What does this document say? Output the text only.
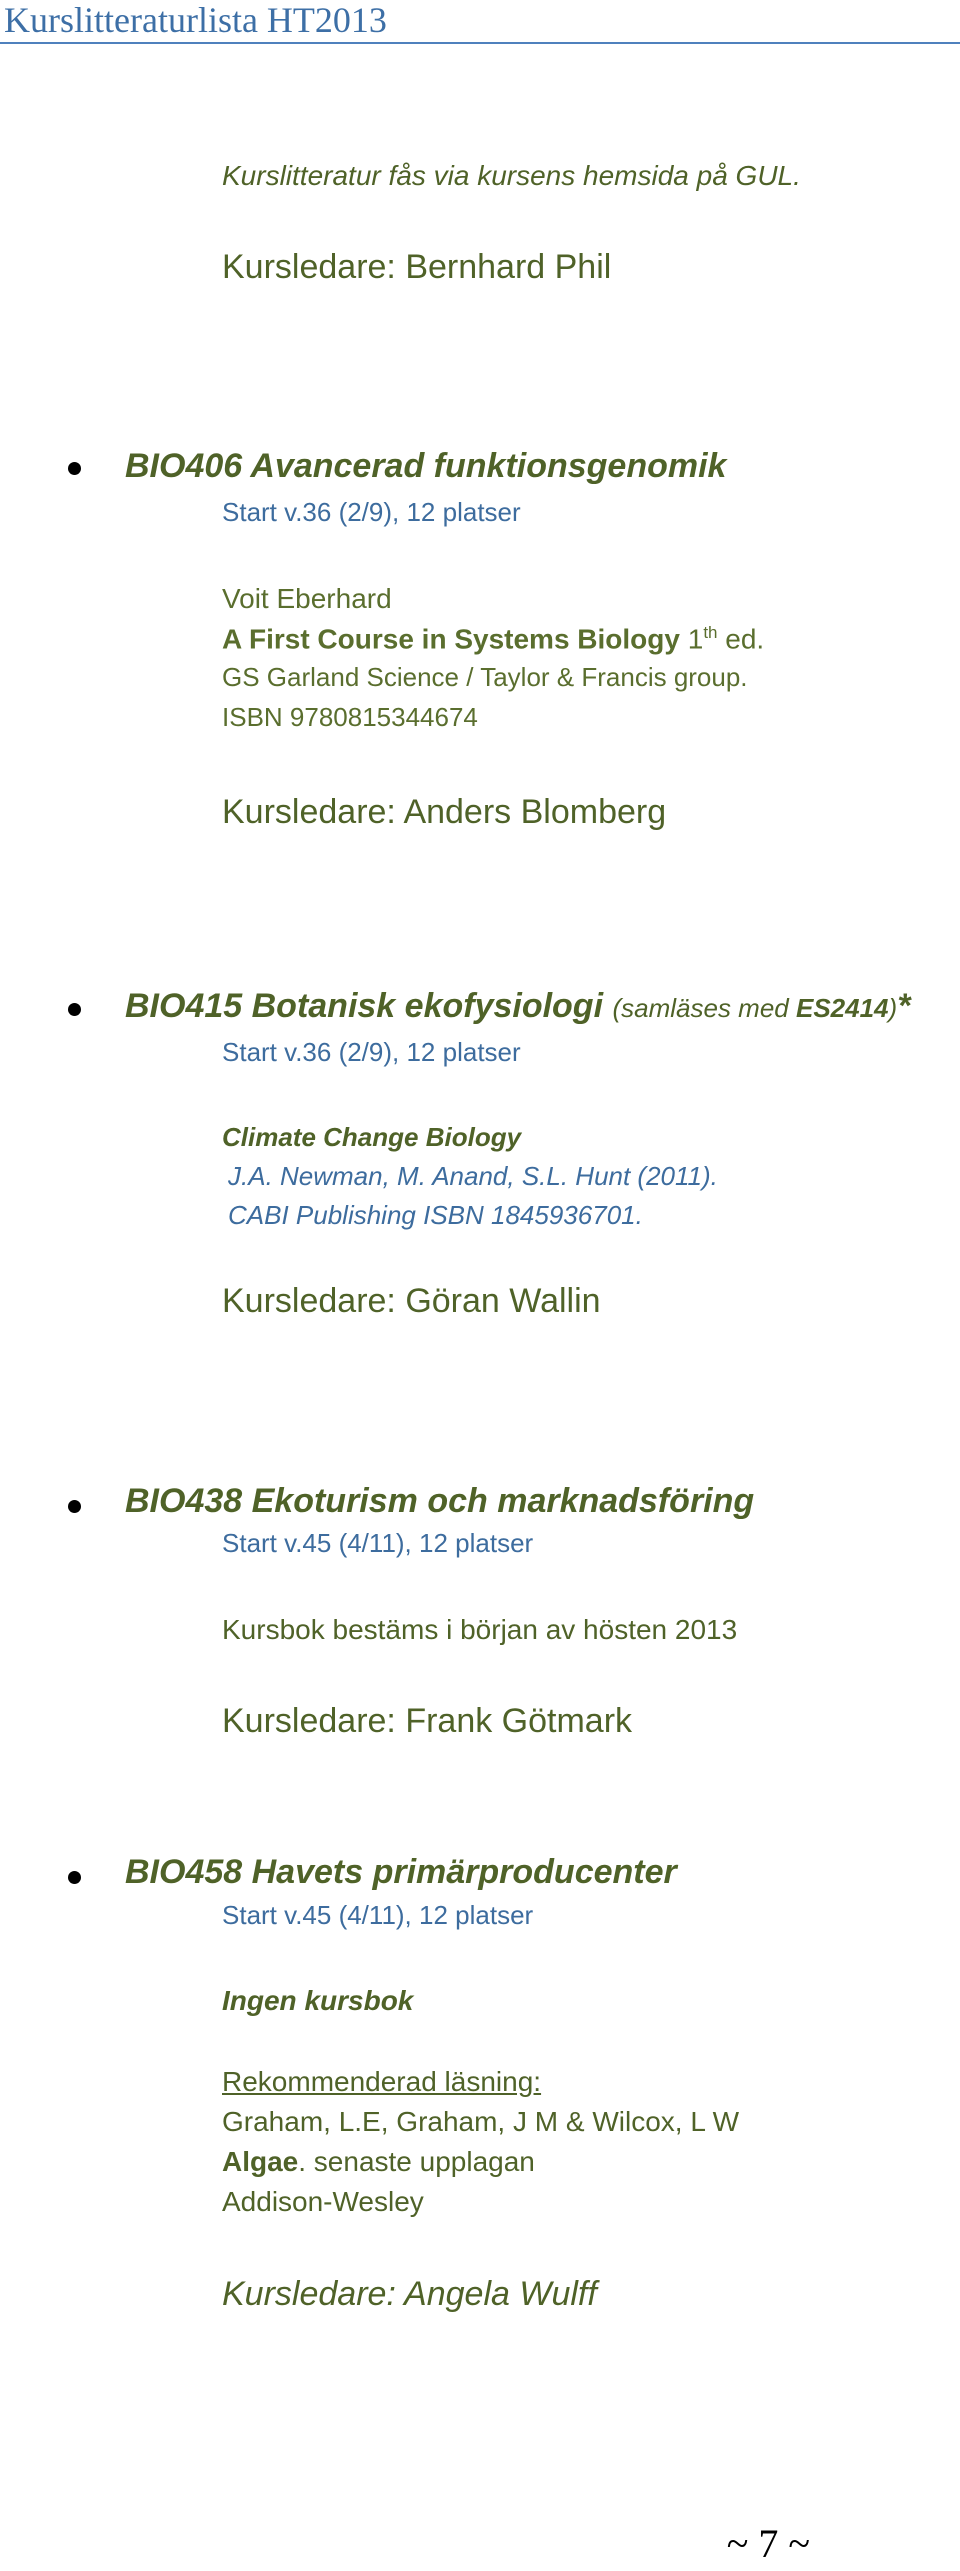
Kurslitteraturlista HT2013
Kurslitteratur fås via kursens hemsida på GUL.
Kursledare: Bernhard Phil
BIO406 Avancerad funktionsgenomik
Start v.36 (2/9), 12 platser
Voit Eberhard
A First Course in Systems Biology 1th ed.
GS Garland Science / Taylor & Francis group.
ISBN 9780815344674
Kursledare: Anders Blomberg
BIO415 Botanisk ekofysiologi (samläses med ES2414)*
Start v.36 (2/9), 12 platser
Climate Change Biology
J.A. Newman, M. Anand, S.L. Hunt (2011).
CABI Publishing ISBN 1845936701.
Kursledare: Göran Wallin
BIO438 Ekoturism och marknadsföring
Start v.45 (4/11), 12 platser
Kursbok bestäms i början av hösten 2013
Kursledare: Frank Götmark
BIO458 Havets primärproducenter
Start v.45 (4/11), 12 platser
Ingen kursbok
Rekommenderad läsning:
Graham, L.E, Graham, J M & Wilcox, L W
Algae. senaste upplagan
Addison-Wesley
Kursledare: Angela Wulff
~ 7 ~
